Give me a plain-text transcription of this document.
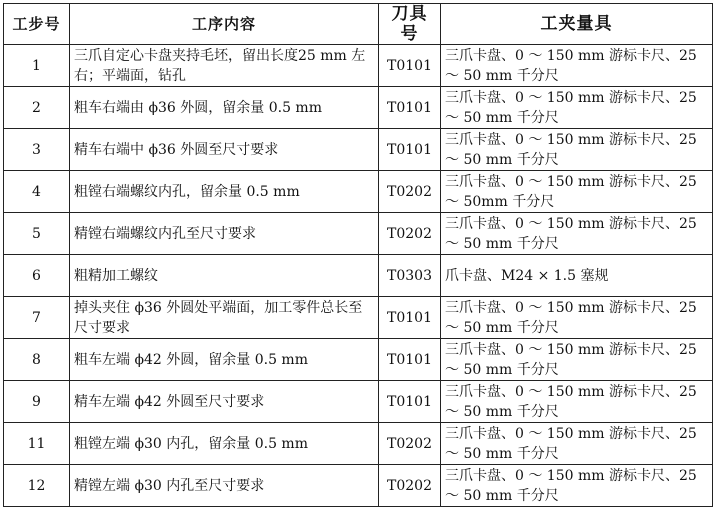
工步号	工序内容	刀具号	工夹量具
1	三爪自定心卡盘夹持毛坯，留出长度25 mm 左右；平端面，钻孔	T0101	三爪卡盘、0 ～ 150 mm 游标卡尺、25 ～ 50 mm 千分尺
2	粗车右端由 ϕ36 外圆，留余量 0.5 mm	T0101	三爪卡盘、0 ～ 150 mm 游标卡尺、25 ～ 50 mm 千分尺
3	精车右端中 ϕ36 外圆至尺寸要求	T0101	三爪卡盘、0 ～ 150 mm 游标卡尺、25 ～ 50 mm 千分尺
4	粗镗右端螺纹内孔，留余量 0.5 mm	T0202	三爪卡盘、0 ～ 150 mm 游标卡尺、25 ～ 50mm 千分尺
5	精镗右端螺纹内孔至尺寸要求	T0202	三爪卡盘、0 ～ 150 mm 游标卡尺、25 ～ 50 mm 千分尺
6	粗精加工螺纹	T0303	爪卡盘、M24 × 1.5 塞规
7	掉头夹住 ϕ36 外圆处平端面，加工零件总长至尺寸要求	T0101	三爪卡盘、0 ～ 150 mm 游标卡尺、25 ～ 50 mm 千分尺
8	粗车左端 ϕ42 外圆，留余量 0.5 mm	T0101	三爪卡盘、0 ～ 150 mm 游标卡尺、25 ～ 50 mm 千分尺
9	精车左端 ϕ42 外圆至尺寸要求	T0101	三爪卡盘、0 ～ 150 mm 游标卡尺、25 ～ 50 mm 千分尺
11	粗镗左端 ϕ30 内孔，留余量 0.5 mm	T0202	三爪卡盘、0 ～ 150 mm 游标卡尺、25 ～ 50 mm 千分尺
12	精镗左端 ϕ30 内孔至尺寸要求	T0202	三爪卡盘、0 ～ 150 mm 游标卡尺、25 ～ 50 mm 千分尺
